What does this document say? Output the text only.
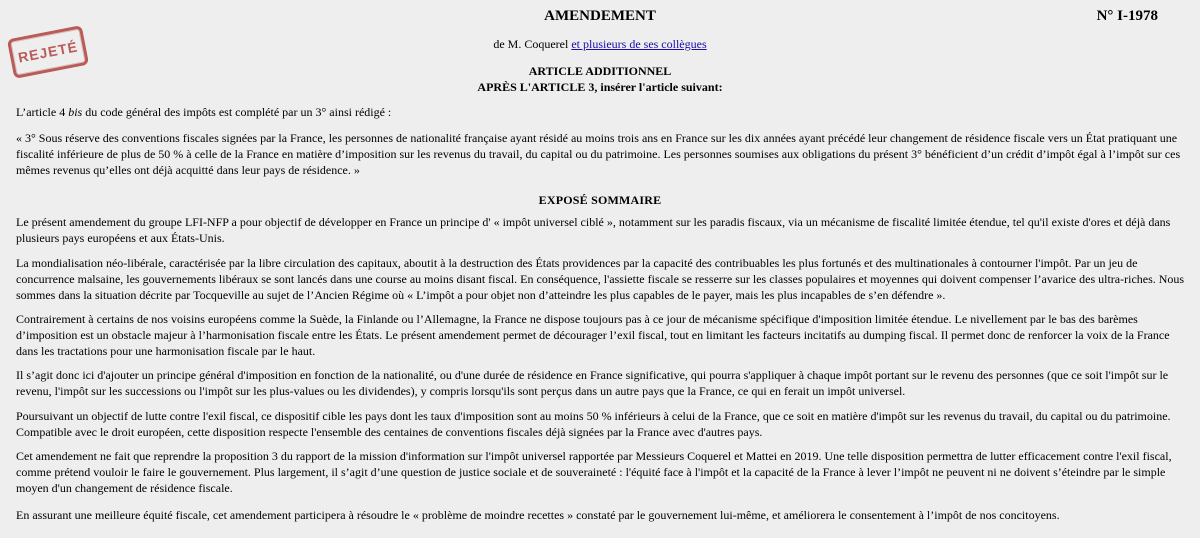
REJETÉ
AMENDEMENT	N° I-1978
de M. Coquerel et plusieurs de ses collègues
ARTICLE ADDITIONNEL
APRÈS L'ARTICLE 3, insérer l'article suivant:

L’article 4 bis du code général des impôts est complété par un 3° ainsi rédigé :

« 3° Sous réserve des conventions fiscales signées par la France, les personnes de nationalité française ayant résidé au moins trois ans en France sur les dix années ayant précédé leur changement de résidence fiscale vers un État pratiquant une fiscalité inférieure de plus de 50 % à celle de la France en matière d’imposition sur les revenus du travail, du capital ou du patrimoine. Les personnes soumises aux obligations du présent 3° bénéficient d’un crédit d’impôt égal à l’impôt sur ces mêmes revenus qu’elles ont déjà acquitté dans leur pays de résidence. »

EXPOSÉ SOMMAIRE

Le présent amendement du groupe LFI-NFP a pour objectif de développer en France un principe d' « impôt universel ciblé », notamment sur les paradis fiscaux, via un mécanisme de fiscalité limitée étendue, tel qu'il existe d'ores et déjà dans plusieurs pays européens et aux États-Unis.

La mondialisation néo-libérale, caractérisée par la libre circulation des capitaux, aboutit à la destruction des États providences par la capacité des contribuables les plus fortunés et des multinationales à contourner l'impôt. Par un jeu de concurrence malsaine, les gouvernements libéraux se sont lancés dans une course au moins disant fiscal. En conséquence, l'assiette fiscale se resserre sur les classes populaires et moyennes qui doivent compenser l’avarice des ultra-riches. Nous sommes dans la situation décrite par Tocqueville au sujet de l’Ancien Régime où « L’impôt a pour objet non d’atteindre les plus capables de le payer, mais les plus incapables de s’en défendre ».

Contrairement à certains de nos voisins européens comme la Suède, la Finlande ou l’Allemagne, la France ne dispose toujours pas à ce jour de mécanisme spécifique d'imposition limitée étendue. Le nivellement par le bas des barèmes d’imposition est un obstacle majeur à l’harmonisation fiscale entre les États. Le présent amendement permet de décourager l’exil fiscal, tout en limitant les facteurs incitatifs au dumping fiscal. Il permet donc de renforcer la voix de la France dans les tractations pour une harmonisation fiscale par le haut.

Il s’agit donc ici d'ajouter un principe général d'imposition en fonction de la nationalité, ou d'une durée de résidence en France significative, qui pourra s'appliquer à chaque impôt portant sur le revenu des personnes (que ce soit l'impôt sur le revenu, l'impôt sur les successions ou l'impôt sur les plus-values ou les dividendes), y compris lorsqu'ils sont perçus dans un autre pays que la France, ce qui en ferait un impôt universel.

Poursuivant un objectif de lutte contre l'exil fiscal, ce dispositif cible les pays dont les taux d'imposition sont au moins 50 % inférieurs à celui de la France, que ce soit en matière d'impôt sur les revenus du travail, du capital ou du patrimoine. Compatible avec le droit européen, cette disposition respecte l'ensemble des centaines de conventions fiscales déjà signées par la France avec d'autres pays.

Cet amendement ne fait que reprendre la proposition 3 du rapport de la mission d'information sur l'impôt universel rapportée par Messieurs Coquerel et Mattei en 2019. Une telle disposition permettra de lutter efficacement contre l'exil fiscal, comme prétend vouloir le faire le gouvernement. Plus largement, il s’agit d’une question de justice sociale et de souveraineté : l'équité face à l'impôt et la capacité de la France à lever l’impôt ne peuvent ni ne doivent s’éteindre par le simple moyen d'un changement de résidence fiscale.

En assurant une meilleure équité fiscale, cet amendement participera à résoudre le « problème de moindre recettes » constaté par le gouvernement lui-même, et améliorera le consentement à l’impôt de nos concitoyens.
